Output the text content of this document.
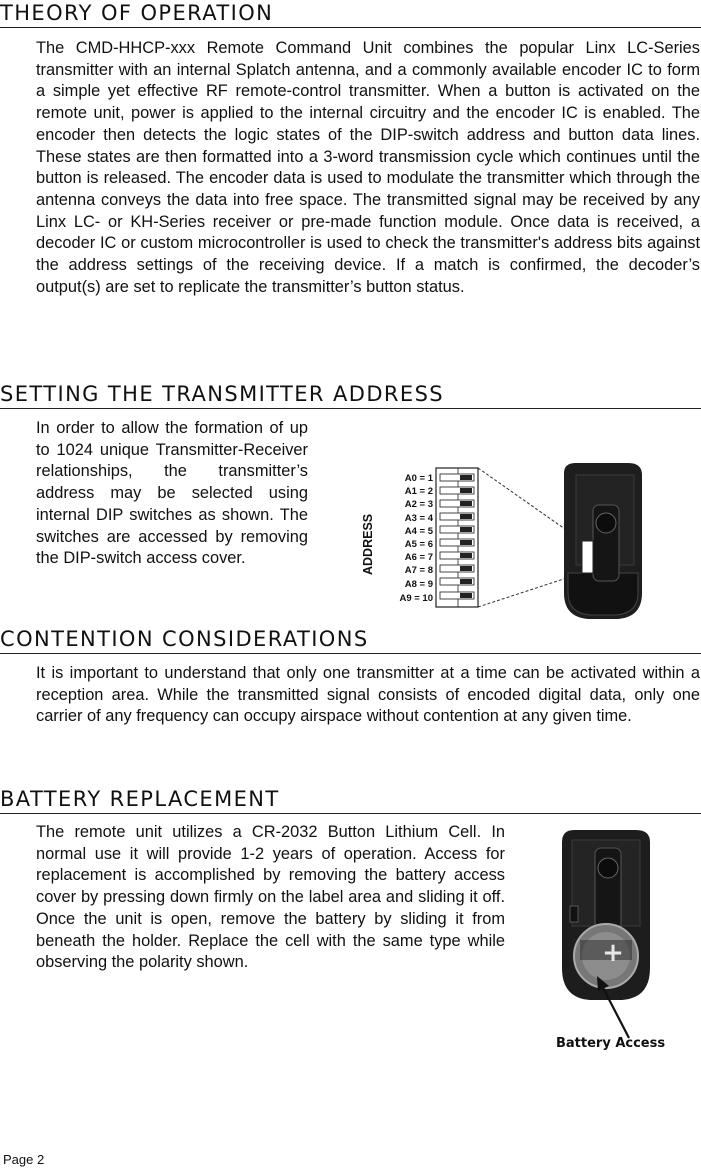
THEORY OF OPERATION

The CMD-HHCP-xxx Remote Command Unit combines the popular Linx LC-Series transmitter with an internal Splatch antenna, and a commonly available encoder IC to form a simple yet effective RF remote-control transmitter. When a button is activated on the remote unit, power is applied to the internal circuitry and the encoder IC is enabled. The encoder then detects the logic states of the DIP-switch address and button data lines. These states are then formatted into a 3-word transmission cycle which continues until the button is released. The encoder data is used to modulate the transmitter which through the antenna conveys the data into free space. The transmitted signal may be received by any Linx LC- or KH-Series receiver or pre-made function module. Once data is received, a decoder IC or custom microcontroller is used to check the transmitter's address bits against the address settings of the receiving device. If a match is confirmed, the decoder’s output(s) are set to replicate the transmitter’s button status.

SETTING THE TRANSMITTER ADDRESS

In order to allow the formation of up to 1024 unique Transmitter-Receiver relationships, the transmitter’s address may be selected using internal DIP switches as shown. The switches are accessed by removing the DIP-switch access cover.	ADDRESS
A0 = 1
A1 = 2
A2 = 3
A3 = 4
A4 = 5
A5 = 6
A6 = 7
A7 = 8
A8 = 9
A9 = 10
CONTENTION CONSIDERATIONS

It is important to understand that only one transmitter at a time can be activated within a reception area. While the transmitted signal consists of encoded digital data, only one carrier of any frequency can occupy airspace without contention at any given time.

BATTERY REPLACEMENT

The remote unit utilizes a CR-2032 Button Lithium Cell. In normal use it will provide 1-2 years of operation. Access for replacement is accomplished by removing the battery access cover by pressing down firmly on the label area and sliding it off. Once the unit is open, remove the battery by sliding it from beneath the holder. Replace the cell with the same type while observing the polarity shown.	+
Battery Access

Page 2
